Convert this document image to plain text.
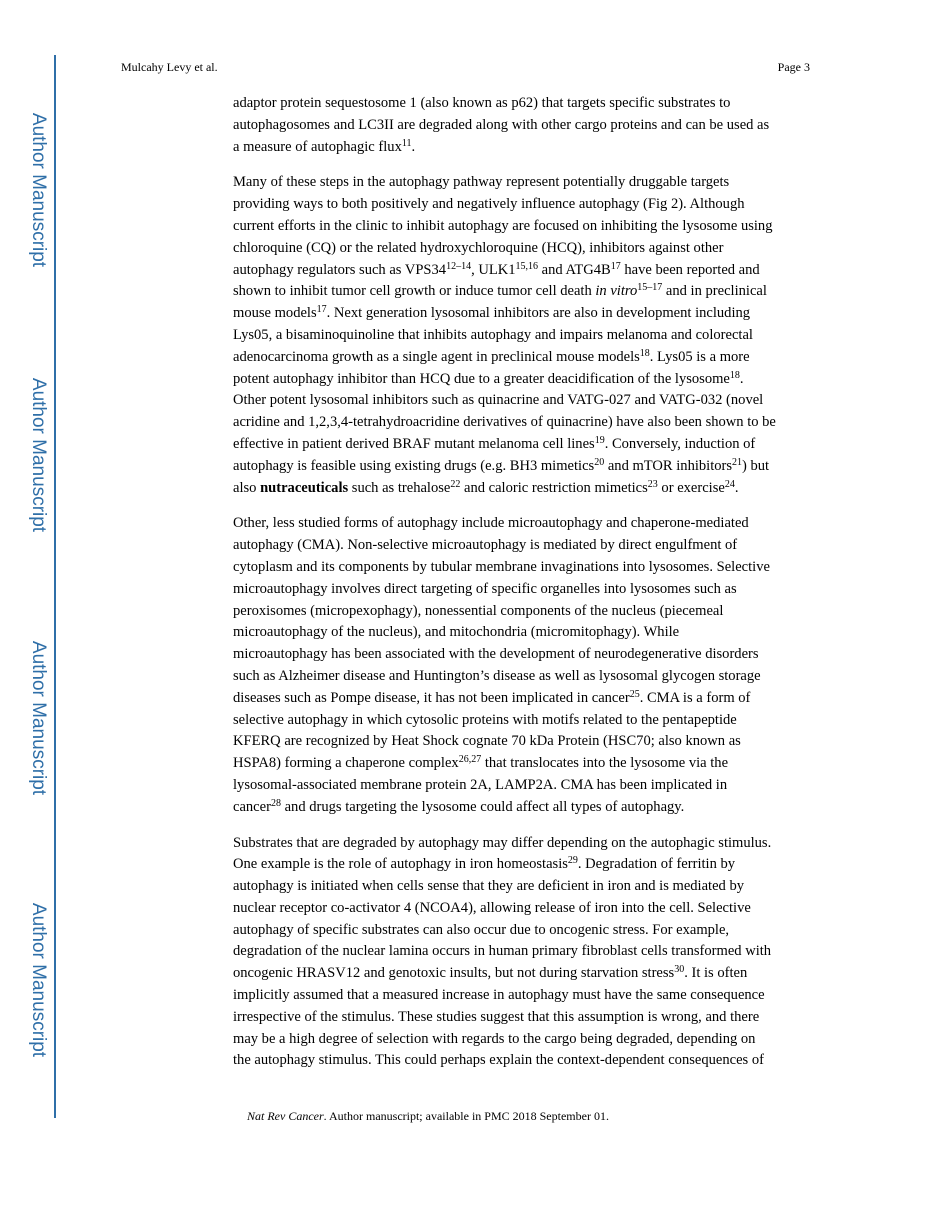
Author Manuscript
Author Manuscript
Author Manuscript
Author Manuscript
Mulcahy Levy et al.	Page 3

adaptor protein sequestosome 1 (also known as p62) that targets specific substrates to
autophagosomes and LC3II are degraded along with other cargo proteins and can be used as
a measure of autophagic flux$^{11}$.

Many of these steps in the autophagy pathway represent potentially druggable targets
providing ways to both positively and negatively influence autophagy (Fig 2). Although
current efforts in the clinic to inhibit autophagy are focused on inhibiting the lysosome using
chloroquine (CQ) or the related hydroxychloroquine (HCQ), inhibitors against other
autophagy regulators such as VPS34$^{12-14}$, ULK1$^{15,16}$ and $ATG4B^{17}$ have been reported and
shown to inhibit tumor cell growth or induce tumor cell death in vitro$^{15-17}$ and in preclinical
mouse models$^{17}$. Next generation lysosomal inhibitors are also in development including
Lys05, a bisaminoquinoline that inhibits autophagy and impairs melanoma and colorectal
adenocarcinoma growth as a single agent in preclinical mouse models$^{18}$. Lys05 is a more
potent autophagy inhibitor than HCQ due to a greater deacidification of the lysosome$^{18}$.
Other potent lysosomal inhibitors such as quinacrine and VATG-027 and VATG-032 (novel
acridine and 1,2,3,4-tetrahydroacridine derivatives of quinacrine) have also been shown to be
effective in patient derived BRAF mutant melanoma cell lines$^{19}$. Conversely, induction of
autophagy is feasible using existing drugs (e.g. BH3 mimetics$^{20}$ and mTOR inhibitors$^{21}$) but
also nutraceuticals such as trehalose$^{22}$ and caloric restriction mimetics$^{23}$ or exercise$^{24}$.

Other, less studied forms of autophagy include microautophagy and chaperone-mediated
autophagy (CMA). Non-selective microautophagy is mediated by direct engulfment of
cytoplasm and its components by tubular membrane invaginations into lysosomes. Selective
microautophagy involves direct targeting of specific organelles into lysosomes such as
peroxisomes (micropexophagy), nonessential components of the nucleus (piecemeal
microautophagy of the nucleus), and mitochondria (micromitophagy). While
microautophagy has been associated with the development of neurodegenerative disorders
such as Alzheimer disease and Huntington’s disease as well as lysosomal glycogen storage
diseases such as Pompe disease, it has not been implicated in cancer$^{25}$. CMA is a form of
selective autophagy in which cytosolic proteins with motifs related to the pentapeptide
KFERQ are recognized by Heat Shock cognate 70 kDa Protein (HSC70; also known as
HSPA8) forming a chaperone complex$^{26,27}$ that translocates into the lysosome via the
lysosomal-associated membrane protein 2A, LAMP2A. CMA has been implicated in
cancer$^{28}$ and drugs targeting the lysosome could affect all types of autophagy.

Substrates that are degraded by autophagy may differ depending on the autophagic stimulus.
One example is the role of autophagy in iron homeostasis$^{29}$. Degradation of ferritin by
autophagy is initiated when cells sense that they are deficient in iron and is mediated by
nuclear receptor co-activator 4 (NCOA4), allowing release of iron into the cell. Selective
autophagy of specific substrates can also occur due to oncogenic stress. For example,
degradation of the nuclear lamina occurs in human primary fibroblast cells transformed with
oncogenic HRASV12 and genotoxic insults, but not during starvation stress$^{30}$. It is often
implicitly assumed that a measured increase in autophagy must have the same consequence
irrespective of the stimulus. These studies suggest that this assumption is wrong, and there
may be a high degree of selection with regards to the cargo being degraded, depending on
the autophagy stimulus. This could perhaps explain the context-dependent consequences of

Nat Rev Cancer. Author manuscript; available in PMC 2018 September 01.
